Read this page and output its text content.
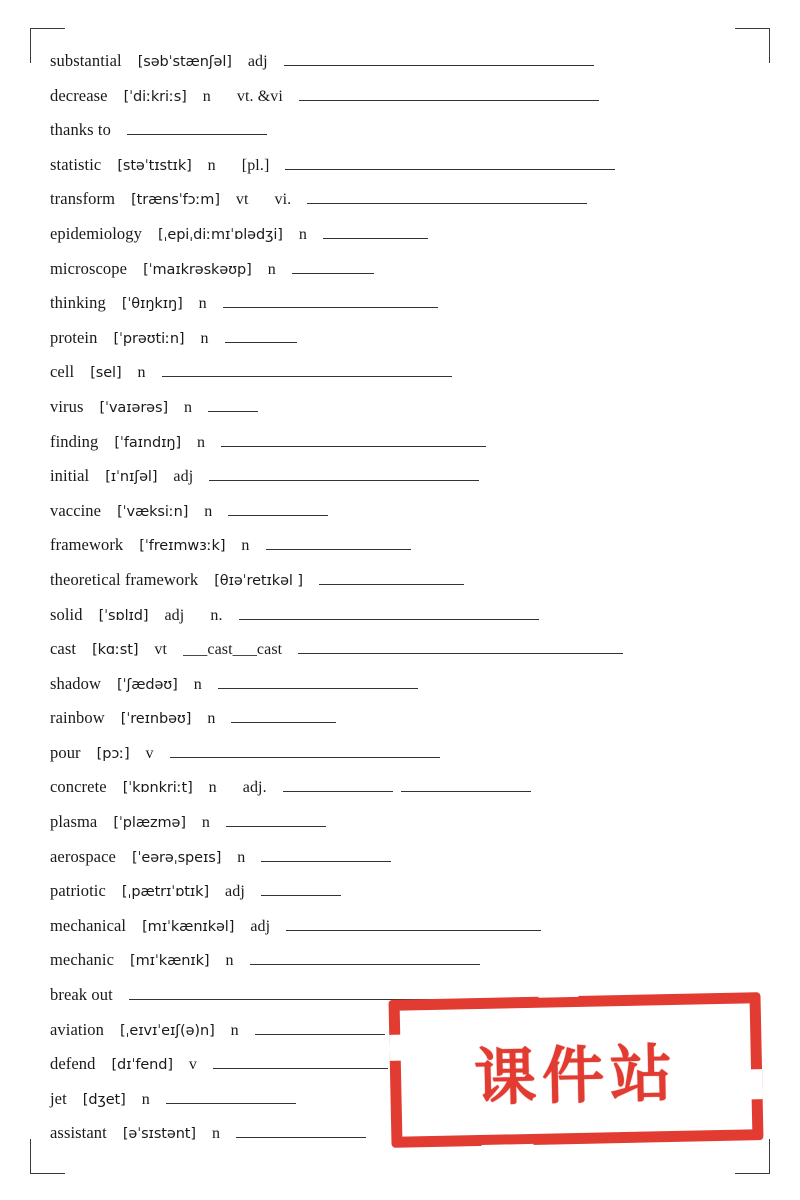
substantial [səbˈstænʃəl] adj
decrease [ˈdiːkriːs] n vt. &vi
thanks to
statistic [stəˈtɪstɪk] n [pl.]
transform [trænsˈfɔːm] vt vi.
epidemiology [ˌepiˌdiːmɪˈɒlədʒi] n
microscope [ˈmaɪkrəskəʊp] n
thinking [ˈθɪŋkɪŋ] n
protein [ˈprəʊtiːn] n
cell [sel] n
virus [ˈvaɪərəs] n
finding [ˈfaɪndɪŋ] n
initial [ɪˈnɪʃəl] adj
vaccine [ˈvæksiːn] n
framework [ˈfreɪmwɜːk] n
theoretical framework [θɪəˈretɪkəl ]
solid [ˈsɒlɪd] adj n.
cast [kɑːst] vt ___cast___cast
shadow [ˈʃædəʊ] n
rainbow [ˈreɪnbəʊ] n
pour [pɔː] v
concrete [ˈkɒnkriːt] n adj.
plasma [ˈplæzmə] n
aerospace [ˈeərəˌspeɪs] n
patriotic [ˌpætrɪˈɒtɪk] adj
mechanical [mɪˈkænɪkəl] adj
mechanic [mɪˈkænɪk] n
break out
aviation [ˌeɪvɪˈeɪʃ(ə)n] n
defend [dɪˈfend] v
jet [dʒet] n
assistant [əˈsɪstənt] n
课件站
